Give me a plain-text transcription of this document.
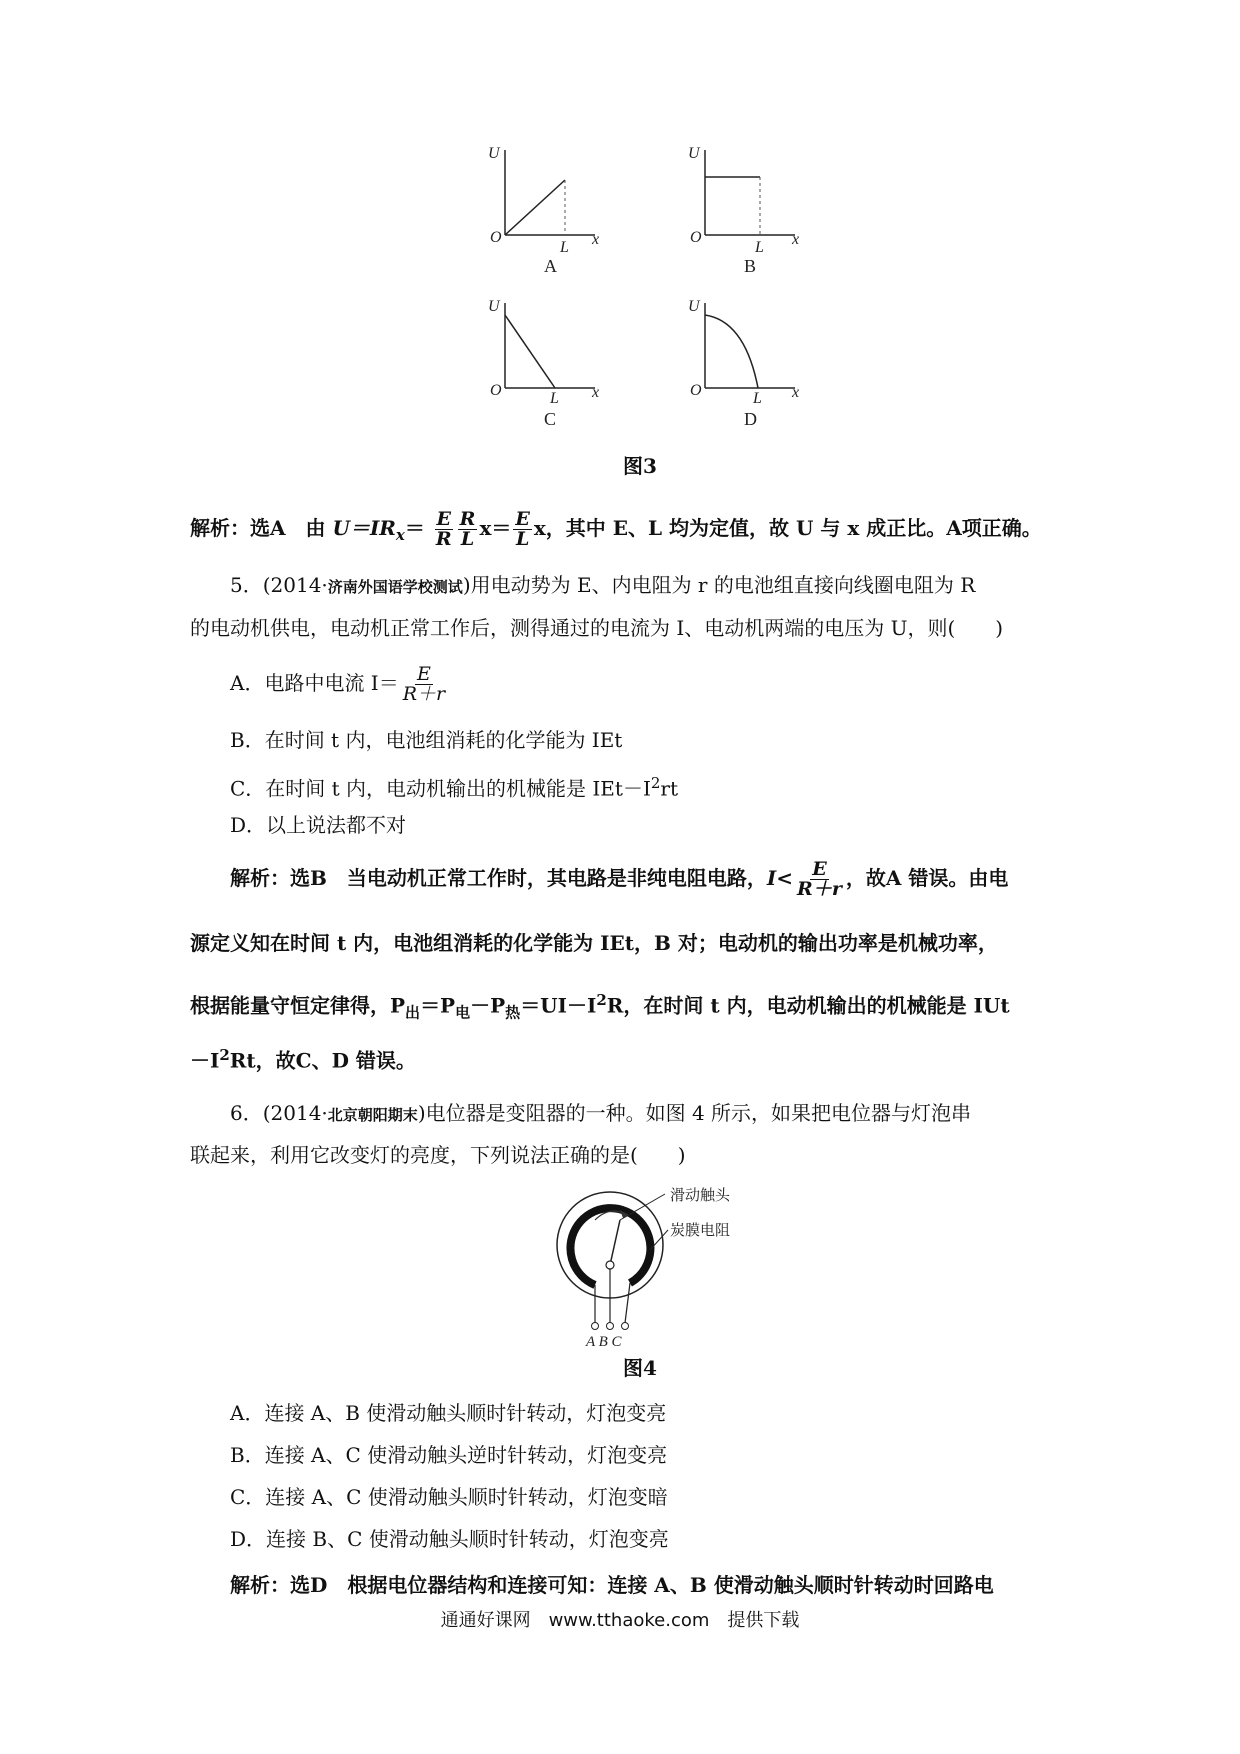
U
O
L x
A
U
O
L x
B
U
O	L x
C
U
O	L x
D
图3
解析：选A　由 $U=IR_x= \frac{E}{R} \frac{R}{L} x= \frac{E}{L}$ x，其中 E、L 均为定值，故 U 与 x 成正比。A项正确。
5．(2014·济南外国语学校测试)用电动势为 E、内电阻为 r 的电池组直接向线圈电阻为 R
的电动机供电，电动机正常工作后，测得通过的电流为 I、电动机两端的电压为 U，则(　　)
A．电路中电流 $I= \frac{E}{R+r}$
B．在时间 t 内，电池组消耗的化学能为 IEt
C．在时间 t 内，电动机输出的机械能是 $IEt-I^2rt$
D．以上说法都不对
解析：选B　当电动机正常工作时，其电路是非纯电阻电路，$I< \frac{E}{R+r}$ ，故A 错误。由电
源定义知在时间 t 内，电池组消耗的化学能为 IEt，B 对；电动机的输出功率是机械功率，
根据能量守恒定律得，$P_出=P_电-P_热=UI-I^2R$，在时间 t 内，电动机输出的机械能是 IUt
$-I^2Rt$，故C、D 错误。
6．(2014·北京朝阳期末)电位器是变阻器的一种。如图 4 所示，如果把电位器与灯泡串
联起来，利用它改变灯的亮度，下列说法正确的是(　　)
滑动触头
炭膜电阻
A B C
图4
A．连接 A、B 使滑动触头顺时针转动，灯泡变亮
B．连接 A、C 使滑动触头逆时针转动，灯泡变亮
C．连接 A、C 使滑动触头顺时针转动，灯泡变暗
D．连接 B、C 使滑动触头顺时针转动，灯泡变亮
解析：选D　根据电位器结构和连接可知：连接 A、B 使滑动触头顺时针转动时回路电
通通好课网　www.tthaoke.com　提供下载
